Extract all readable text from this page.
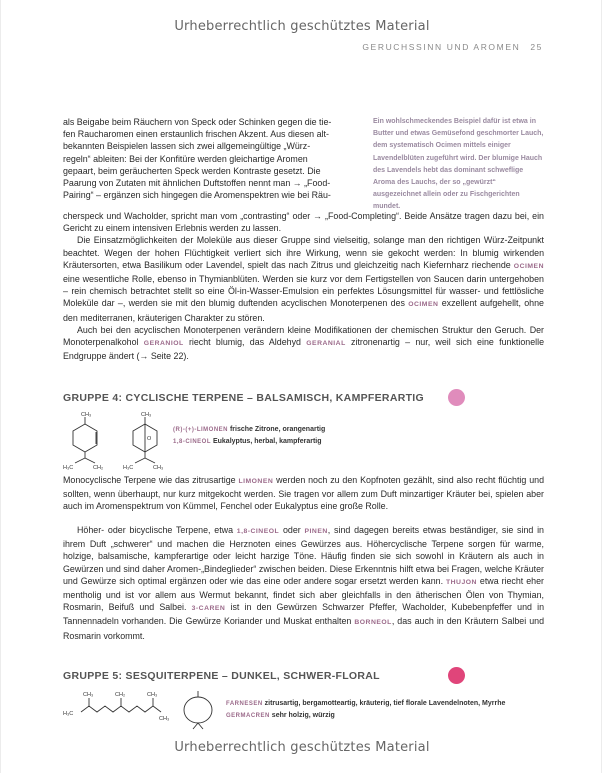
Urheberrechtlich geschütztes Material
GERUCHSSINN UND AROMEN 25
als Beigabe beim Räuchern von Speck oder Schinken gegen die tie-
fen Raucharomen einen erstaunlich frischen Akzent. Aus diesen alt-
bekannten Beispielen lassen sich zwei allgemeingültige „Würz-
regeln“ ableiten: Bei der Konfitüre werden gleichartige Aromen
gepaart, beim geräucherten Speck werden Kontraste gesetzt. Die
Paarung von Zutaten mit ähnlichen Duftstoffen nennt man → „Food-
Pairing“ – ergänzen sich hingegen die Aromenspektren wie bei Räu-
Ein wohlschmeckendes Beispiel dafür ist etwa in Butter und etwas Gemüsefond geschmorter Lauch, dem systematisch Ocimen mittels einiger Lavendelblüten zugeführt wird. Der blumige Hauch des Lavendels hebt das dominant schweflige Aroma des Lauchs, der so „gewürzt“ ausgezeichnet allein oder zu Fischgerichten mundet.
cherspeck und Wacholder, spricht man vom „contrasting“ oder → „Food-Completing“. Beide Ansätze tragen dazu bei, ein Gericht zu einem intensiven Erlebnis werden zu lassen.
Die Einsatzmöglichkeiten der Moleküle aus dieser Gruppe sind vielseitig, solange man den richtigen Würz-Zeitpunkt beachtet. Wegen der hohen Flüchtigkeit verliert sich ihre Wirkung, wenn sie gekocht werden: In blumig wirkenden Kräutersorten, etwa Basilikum oder Lavendel, spielt das nach Zitrus und gleichzeitig nach Kiefernharz riechende OCIMEN eine wesentliche Rolle, ebenso in Thymianblüten. Werden sie kurz vor dem Fertigstellen von Saucen darin untergehoben – rein chemisch betrachtet stellt so eine Öl-in-Wasser-Emulsion ein perfektes Lösungsmittel für wasser- und fettlösliche Moleküle dar –, werden sie mit den blumig duftenden acyclischen Monoterpenen des OCIMEN exzellent aufgehellt, ohne den mediterranen, kräuterigen Charakter zu stören.
Auch bei den acyclischen Monoterpenen verändern kleine Modifikationen der chemischen Struktur den Geruch. Der Monoterpenalkohol GERANIOL riecht blumig, das Aldehyd GERANIAL zitronenartig – nur, weil sich eine funktionelle Endgruppe ändert (→ Seite 22).
GRUPPE 4: CYCLISCHE TERPENE – BALSAMISCH, KAMPFERARTIG
CH₃
H₃C	CH₂
CH₃
O
H₃C	CH₃
(R)-(+)-LIMONEN frische Zitrone, orangenartig
1,8-CINEOL Eukalyptus, herbal, kampferartig
Monocyclische Terpene wie das zitrusartige LIMONEN werden noch zu den Kopfnoten gezählt, sind also recht flüchtig und sollten, wenn überhaupt, nur kurz mitgekocht werden. Sie tragen vor allem zum Duft minzartiger Kräuter bei, spielen aber auch im Aromenspektrum von Kümmel, Fenchel oder Eukalyptus eine große Rolle.
Höher- oder bicyclische Terpene, etwa 1,8-CINEOL oder PINEN, sind dagegen bereits etwas beständiger, sie sind in ihrem Duft „schwerer“ und machen die Herznoten eines Gewürzes aus. Höhercyclische Terpene sorgen für warme, holzige, balsamische, kampferartige oder leicht harzige Töne. Häufig finden sie sich sowohl in Kräutern als auch in Gewürzen und sind daher Aromen-„Bindeglieder“ zwischen beiden. Diese Erkenntnis hilft etwa bei Fragen, welche Kräuter und Gewürze sich optimal ergänzen oder wie das eine oder andere sogar ersetzt werden kann. THUJON etwa riecht eher mentholig und ist vor allem aus Wermut bekannt, findet sich aber gleichfalls in den ätherischen Ölen von Thymian, Rosmarin, Beifuß und Salbei. 3-CAREN ist in den Gewürzen Schwarzer Pfeffer, Wacholder, Kubebenpfeffer und in Tannennadeln vorhanden. Die Gewürze Koriander und Muskat enthalten BORNEOL, das auch in den Kräutern Salbei und Rosmarin vorkommt.
GRUPPE 5: SESQUITERPENE – DUNKEL, SCHWER-FLORAL
H₃C
CH₃	CH₂	CH₃
CH₃
FARNESEN zitrusartig, bergamotteartig, kräuterig, tief florale Lavendelnoten, Myrrhe
GERMACREN sehr holzig, würzig
Urheberrechtlich geschütztes Material
